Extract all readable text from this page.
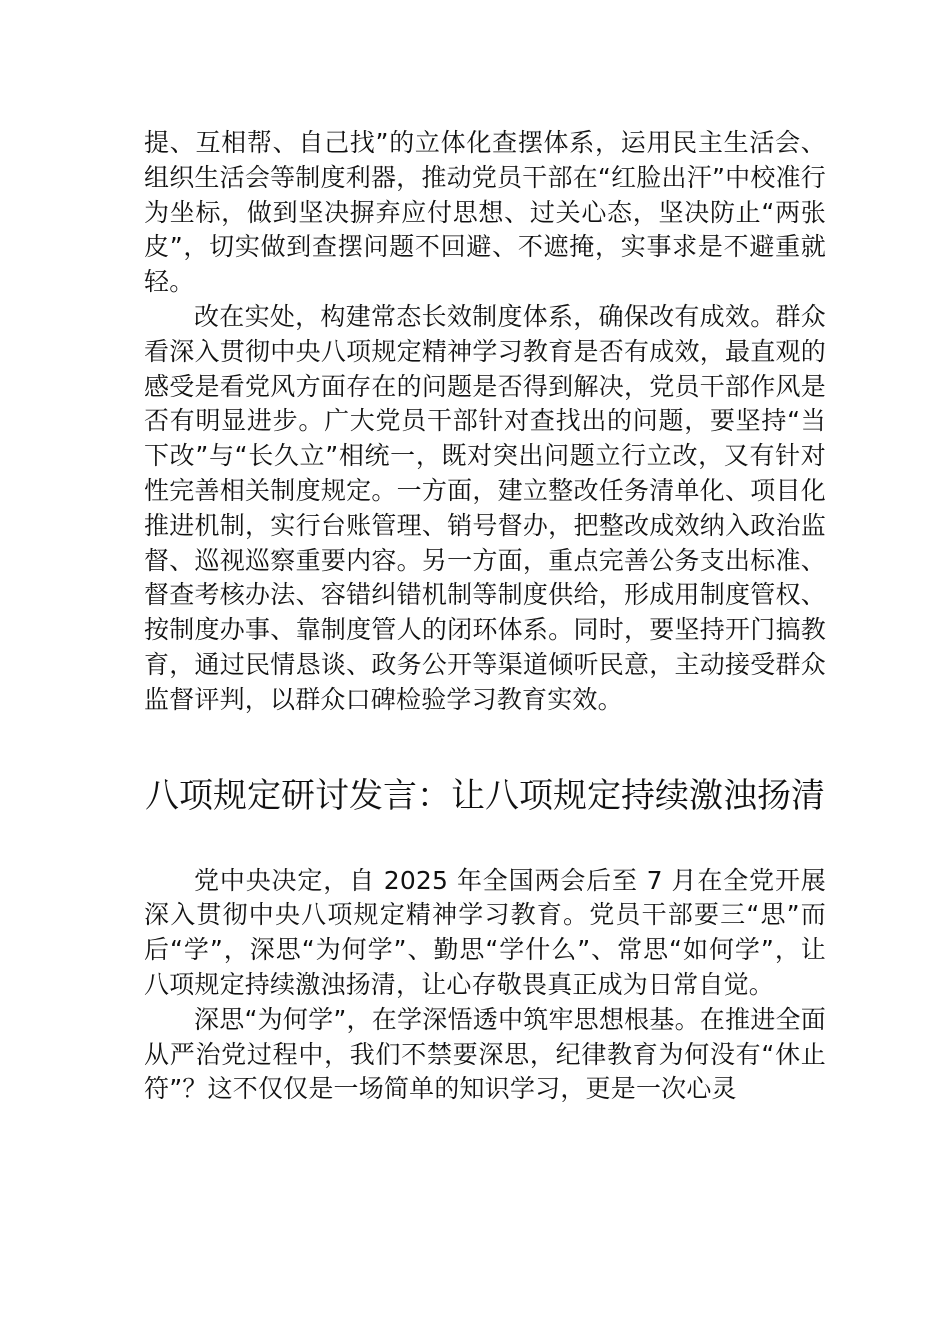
提、互相帮、自己找”的立体化查摆体系，运用民主生活会、组织生活会等制度利器，推动党员干部在“红脸出汗”中校准行为坐标，做到坚决摒弃应付思想、过关心态，坚决防止“两张皮”，切实做到查摆问题不回避、不遮掩，实事求是不避重就轻。

改在实处，构建常态长效制度体系，确保改有成效。群众看深入贯彻中央八项规定精神学习教育是否有成效，最直观的感受是看党风方面存在的问题是否得到解决，党员干部作风是否有明显进步。广大党员干部针对查找出的问题，要坚持“当下改”与“长久立”相统一，既对突出问题立行立改，又有针对性完善相关制度规定。一方面，建立整改任务清单化、项目化推进机制，实行台账管理、销号督办，把整改成效纳入政治监督、巡视巡察重要内容。另一方面，重点完善公务支出标准、督查考核办法、容错纠错机制等制度供给，形成用制度管权、按制度办事、靠制度管人的闭环体系。同时，要坚持开门搞教育，通过民情恳谈、政务公开等渠道倾听民意，主动接受群众监督评判，以群众口碑检验学习教育实效。

八项规定研讨发言：让八项规定持续激浊扬清

党中央决定，自 2025 年全国两会后至 7 月在全党开展深入贯彻中央八项规定精神学习教育。党员干部要三“思”而后“学”，深思“为何学”、勤思“学什么”、常思“如何学”，让八项规定持续激浊扬清，让心存敬畏真正成为日常自觉。

深思“为何学”，在学深悟透中筑牢思想根基。在推进全面从严治党过程中，我们不禁要深思，纪律教育为何没有“休止符”？这不仅仅是一场简单的知识学习，更是一次心灵
